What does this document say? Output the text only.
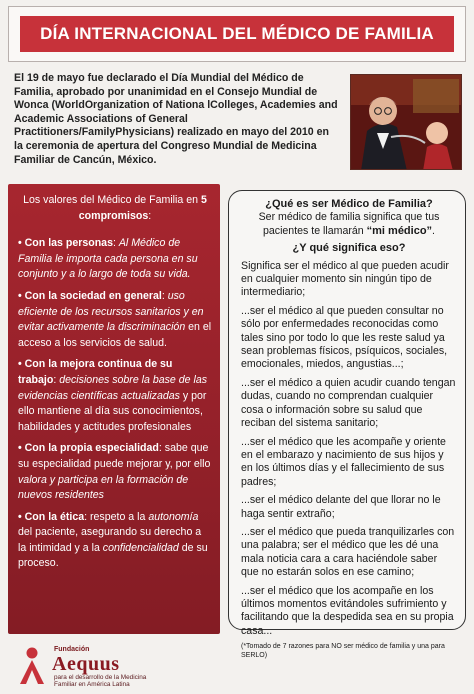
DÍA INTERNACIONAL DEL MÉDICO DE FAMILIA

El 19 de mayo fue declarado el Día Mundial del Médico de Familia, aprobado por unanimidad en el Consejo Mundial de Wonca (WorldOrganization of Nationa lColleges, Academies and Academic Associations of General Practitioners/FamilyPhysicians) realizado en mayo del 2010 en la ceremonia de apertura del Congreso Mundial de Medicina Familiar de Cancún, México.

Los valores del Médico de Familia en 5 compromisos:
• Con las personas: Al Médico de Familia le importa cada persona en su conjunto y a lo largo de toda su vida.
• Con la sociedad en general: uso eficiente de los recursos sanitarios y en evitar activamente la discriminación en el acceso a los servicios de salud.
• Con la mejora continua de su trabajo: decisiones sobre la base de las evidencias científicas actualizadas y por ello mantiene al día sus conocimientos, habilidades y actitudes profesionales
• Con la propia especialidad: sabe que su especialidad puede mejorar y, por ello valora y participa en la formación de nuevos residentes
• Con la ética: respeto a la autonomía del paciente, asegurando su derecho a la intimidad y a la confidencialidad de su proceso.
¿Qué es ser Médico de Familia?
Ser médico de familia significa que tus pacientes te llamarán “mi médico”.
¿Y qué significa eso?

Significa ser el médico al que pueden acudir en cualquier momento sin ningún tipo de intermediario;

...ser el médico al que pueden consultar no sólo por enfermedades reconocidas como tales sino por todo lo que les reste salud ya sean problemas físicos, psíquicos, sociales, emocionales, miedos, angustias...;

...ser el médico a quien acudir cuando tengan dudas, cuando no comprendan cualquier cosa o información sobre su salud que reciban del sistema sanitario;

...ser el médico que les acompañe y oriente en el embarazo y nacimiento de sus hijos y en los últimos días y el fallecimiento de sus padres;

...ser el médico delante del que llorar no le haga sentir extraño;

...ser el médico que pueda tranquilizarles con una palabra; ser el médico que les dé una mala noticia cara a cara haciéndole saber que no estarán solos en ese camino;

...ser el médico que los acompañe en los últimos momentos evitándoles sufrimiento y facilitando que la despedida sea en su propia casa...

(*Tomado de 7 razones para NO ser médico de familia y una para SERLO)

Fundación
Aequus
para el desarrollo de la Medicina Familiar en América Latina
